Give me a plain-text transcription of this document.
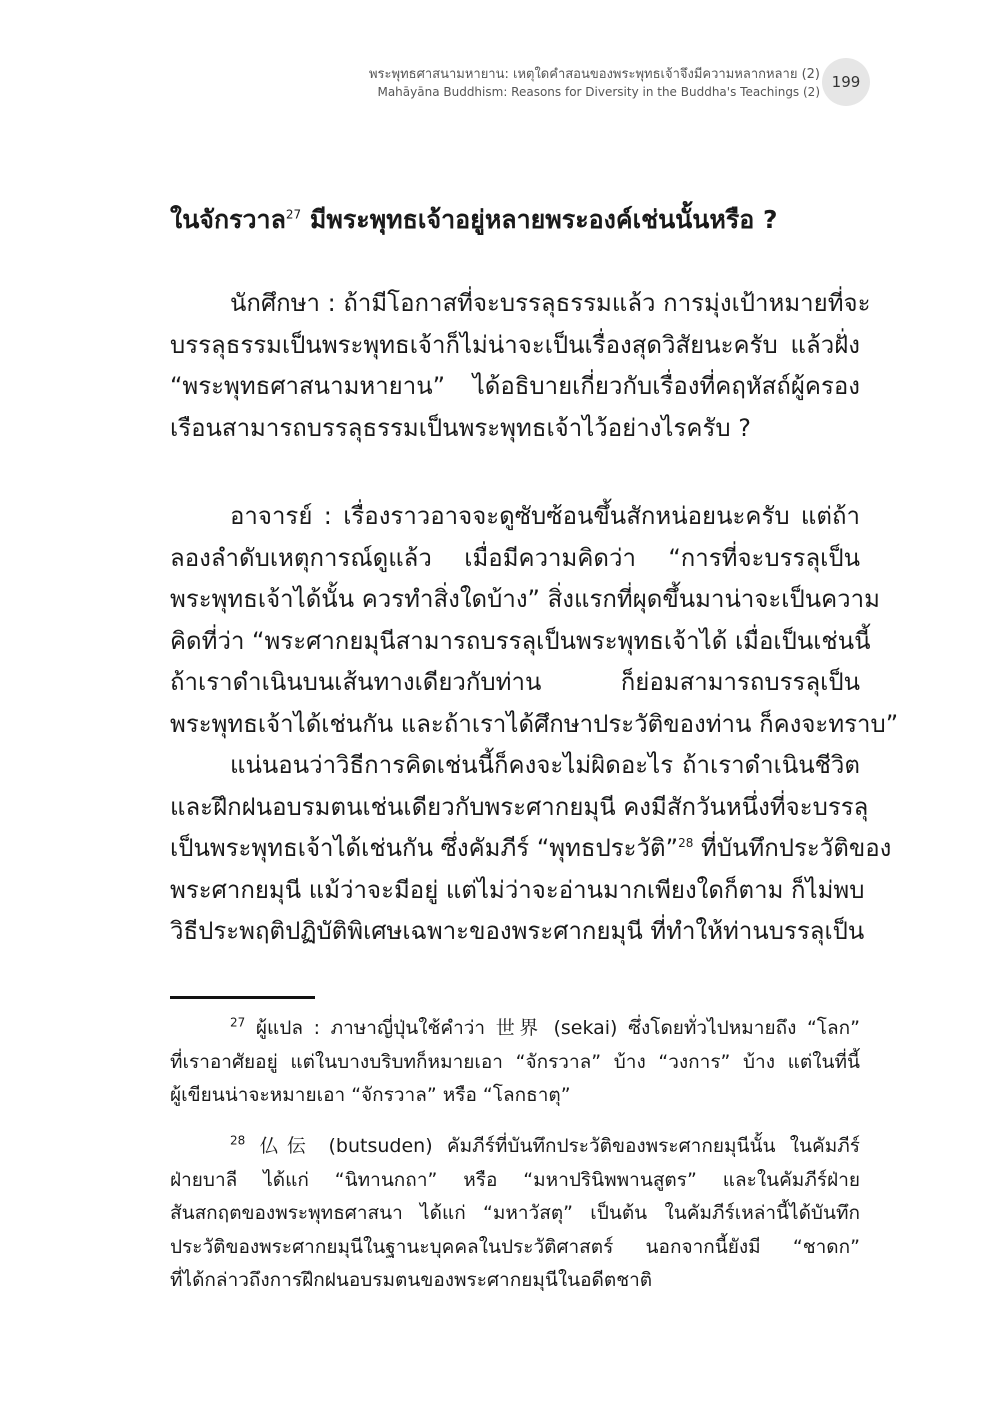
พระพุทธศาสนามหายาน: เหตุใดคำสอนของพระพุทธเจ้าจึงมีความหลากหลาย (2)
Mahāyāna Buddhism: Reasons for Diversity in the Buddha's Teachings (2)
199
ในจักรวาล$^{27}$ มีพระพุทธเจ้าอยู่หลายพระองค์เช่นนั้นหรือ ?
นักศึกษา : ถ้ามีโอกาสที่จะบรรลุธรรมแล้ว การมุ่งเป้าหมายที่จะ
บรรลุธรรมเป็นพระพุทธเจ้าก็ไม่น่าจะเป็นเรื่องสุดวิสัยนะครับ แล้วฝั่ง
“พระพุทธศาสนามหายาน” ได้อธิบายเกี่ยวกับเรื่องที่คฤหัสถ์ผู้ครอง
เรือนสามารถบรรลุธรรมเป็นพระพุทธเจ้าไว้อย่างไรครับ ?
อาจารย์ : เรื่องราวอาจจะดูซับซ้อนขึ้นสักหน่อยนะครับ แต่ถ้า
ลองลำดับเหตุการณ์ดูแล้ว เมื่อมีความคิดว่า “การที่จะบรรลุเป็น
พระพุทธเจ้าได้นั้น ควรทำสิ่งใดบ้าง” สิ่งแรกที่ผุดขึ้นมาน่าจะเป็นความ
คิดที่ว่า “พระศากยมุนีสามารถบรรลุเป็นพระพุทธเจ้าได้ เมื่อเป็นเช่นนี้
ถ้าเราดำเนินบนเส้นทางเดียวกับท่าน ก็ย่อมสามารถบรรลุเป็น
พระพุทธเจ้าได้เช่นกัน และถ้าเราได้ศึกษาประวัติของท่าน ก็คงจะทราบ”
แน่นอนว่าวิธีการคิดเช่นนี้ก็คงจะไม่ผิดอะไร ถ้าเราดำเนินชีวิต
และฝึกฝนอบรมตนเช่นเดียวกับพระศากยมุนี คงมีสักวันหนึ่งที่จะบรรลุ
เป็นพระพุทธเจ้าได้เช่นกัน ซึ่งคัมภีร์ “พุทธประวัติ”$^{28}$ ที่บันทึกประวัติของ
พระศากยมุนี แม้ว่าจะมีอยู่ แต่ไม่ว่าจะอ่านมากเพียงใดก็ตาม ก็ไม่พบ
วิธีประพฤติปฏิบัติพิเศษเฉพาะของพระศากยมุนี ที่ทำให้ท่านบรรลุเป็น
$^{27}$ ผู้แปล : ภาษาญี่ปุ่นใช้คำว่า 世界 (sekai) ซึ่งโดยทั่วไปหมายถึง “โลก”
ที่เราอาศัยอยู่ แต่ในบางบริบทก็หมายเอา “จักรวาล” บ้าง “วงการ” บ้าง แต่ในที่นี้
ผู้เขียนน่าจะหมายเอา “จักรวาล” หรือ “โลกธาตุ”
$^{28}$ 仏伝 (butsuden) คัมภีร์ที่บันทึกประวัติของพระศากยมุนีนั้น ในคัมภีร์
ฝ่ายบาลี ได้แก่ “นิทานกถา” หรือ “มหาปรินิพพานสูตร” และในคัมภีร์ฝ่าย
สันสกฤตของพระพุทธศาสนา ได้แก่ “มหาวัสตุ” เป็นต้น ในคัมภีร์เหล่านี้ได้บันทึก
ประวัติของพระศากยมุนีในฐานะบุคคลในประวัติศาสตร์ นอกจากนี้ยังมี “ชาดก”
ที่ได้กล่าวถึงการฝึกฝนอบรมตนของพระศากยมุนีในอดีตชาติ
